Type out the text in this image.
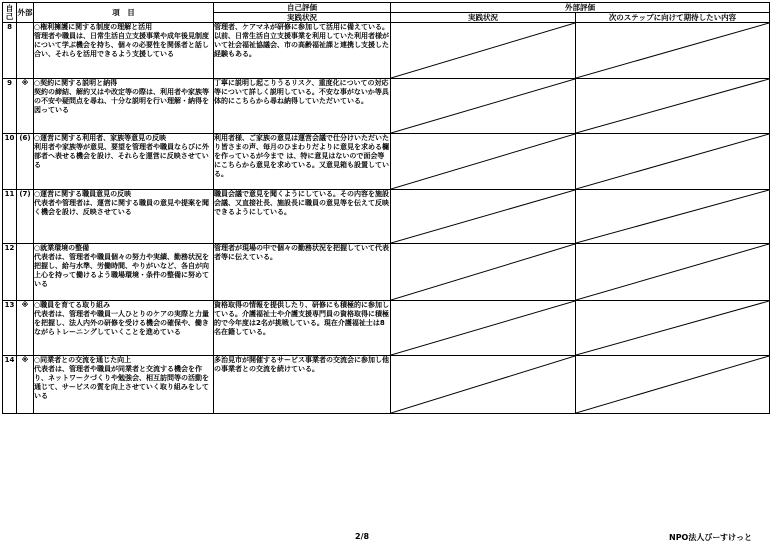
自己	外部	項　目	自己評価	外部評価	
			実践状況	実践状況	次のステップに向けて期待したい内容
8		○権利擁護に関する制度の理解と活用
管理者や職員は、日常生活自立支援事業や成年後見制度について学ぶ機会を持ち、個々の必要性を関係者と話し合い、それらを活用できるよう支援している	管理者、ケアマネが研修に参加して活用に備えている。以前、日常生活自立支援事業を利用していた利用者様がいて社会福祉協議会、市の高齢福祉課と連携し支援した経験もある。	

9	※	○契約に関する説明と納得
契約の締結、解約又はや改定等の際は、利用者や家族等の不安や疑問点を尋ね、十分な説明を行い理解・納得を図っている	丁寧に説明し起こりうるリスク、重度化についての対応等について詳しく説明している。不安な事がないか等具体的にこちらから尋ね納得していただいている。	

10	(6)	○運営に関する利用者、家族等意見の反映
利用者や家族等が意見、要望を管理者や職員ならびに外部者へ表せる機会を設け、それらを運営に反映させている	利用者様、ご家族の意見は運営会議で仕分けいただいたり皆さまの声、毎月のひまわりだよりに意見を求める欄を作っているが今まで は、特に意見はないので面会等にこちらから意見を求めている。又意見箱も設置している。	

11	(7)	○運営に関する職員意見の反映
代表者や管理者は、運営に関する職員の意見や提案を聞く機会を設け、反映させている	職員会議で意見を聞くようにしている。その内容を施設会議、又直接社長、施設長に職員の意見等を伝えて反映できるようにしている。	

12		○就業環境の整備
代表者は、管理者や職員個々の努力や実績、勤務状況を把握し、給与水準、労働時間、やりがいなど、各自が向上心を持って働けるよう職場環境・条件の整備に努めている	管理者が現場の中で個々の勤務状況を把握していて代表者等に伝えている。	

13	※	○職員を育てる取り組み
代表者は、管理者や職員一人ひとりのケアの実際と力量を把握し、法人内外の研修を受ける機会の確保や、働きながらトレーニングしていくことを進めている	資格取得の情報を提供したり、研修にも積極的に参加している。介護福祉士や介護支援専門員の資格取得に積極的で今年度は2名が挑戦している。現在介護福祉士は8名在籍している。	

14	※	○同業者との交流を通じた向上
代表者は、管理者や職員が同業者と交流する機会を作り、ネットワークづくりや勉強会、相互訪問等の活動を通じて、サービスの質を向上させていく取り組みをしている	多治見市が開催するサービス事業者の交流会に参加し他の事業者との交流を続けている。	

2/8	NPO法人びーすけっと
